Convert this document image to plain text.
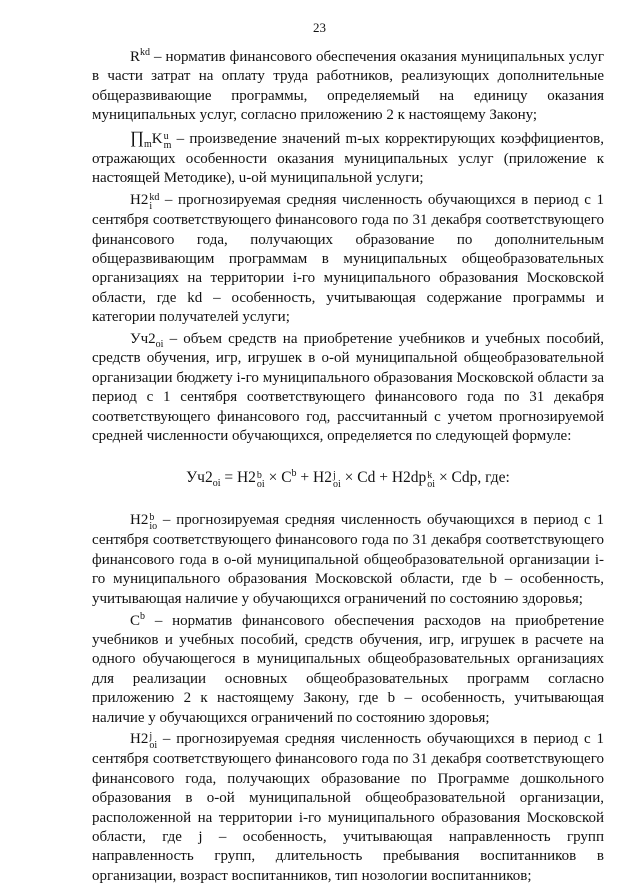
23

$R^{kd}$ – норматив финансового обеспечения оказания муниципальных услуг в части затрат на оплату труда работников, реализующих дополнительные общеразвивающие программы, определяемый на единицу оказания муниципальных услуг, согласно приложению 2 к настоящему Закону;

$\prod_mK$ u
m – произведение значений m-ых корректирующих коэффициентов, отражающих особенности оказания муниципальных услуг (приложение к настоящей Методике), u-ой муниципальной услуги;

Н2 kd
i – прогнозируемая средняя численность обучающихся в период с 1 сентября соответствующего финансового года по 31 декабря соответствующего финансового года, получающих образование по дополнительным общеразвивающим программам в муниципальных общеобразовательных организациях на территории i-го муниципального образования Московской области, где kd – особенность, учитывающая содержание программы и категории получателей услуги;

$Уч2_{oi}$ – объем средств на приобретение учебников и учебных пособий, средств обучения, игр, игрушек в о-ой муниципальной общеобразовательной организации бюджету i-го муниципального образования Московской области за период с 1 сентября соответствующего финансового года по 31 декабря соответствующего финансового год, рассчитанный с учетом прогнозируемой средней численности обучающихся, определяется по следующей формуле:

$Уч2_{oi} = Н2$ b
oi × $C^b + Н2$ j
oi × Cd + Н2dp k
oi × Cdp, где:

Н2 b
io – прогнозируемая средняя численность обучающихся в период с 1 сентября соответствующего финансового года по 31 декабря соответствующего финансового года в о-ой муниципальной общеобразовательной организации i-го муниципального образования Московской области, где b – особенность, учитывающая наличие у обучающихся ограничений по состоянию здоровья;

$C^b$ – норматив финансового обеспечения расходов на приобретение учебников и учебных пособий, средств обучения, игр, игрушек в расчете на одного обучающегося в муниципальных общеобразовательных организациях для реализации основных общеобразовательных программ согласно приложению 2 к настоящему Закону, где b – особенность, учитывающая наличие у обучающихся ограничений по состоянию здоровья;

Н2 j
oi – прогнозируемая средняя численность обучающихся в период с 1 сентября соответствующего финансового года по 31 декабря соответствующего финансового года, получающих образование по Программе дошкольного образования в о-ой муниципальной общеобразовательной организации, расположенной на территории i-го муниципального образования Московской области, где j – особенность, учитывающая направленность групп направленность групп, длительность пребывания воспитанников в организации, возраст воспитанников, тип нозологии воспитанников;
